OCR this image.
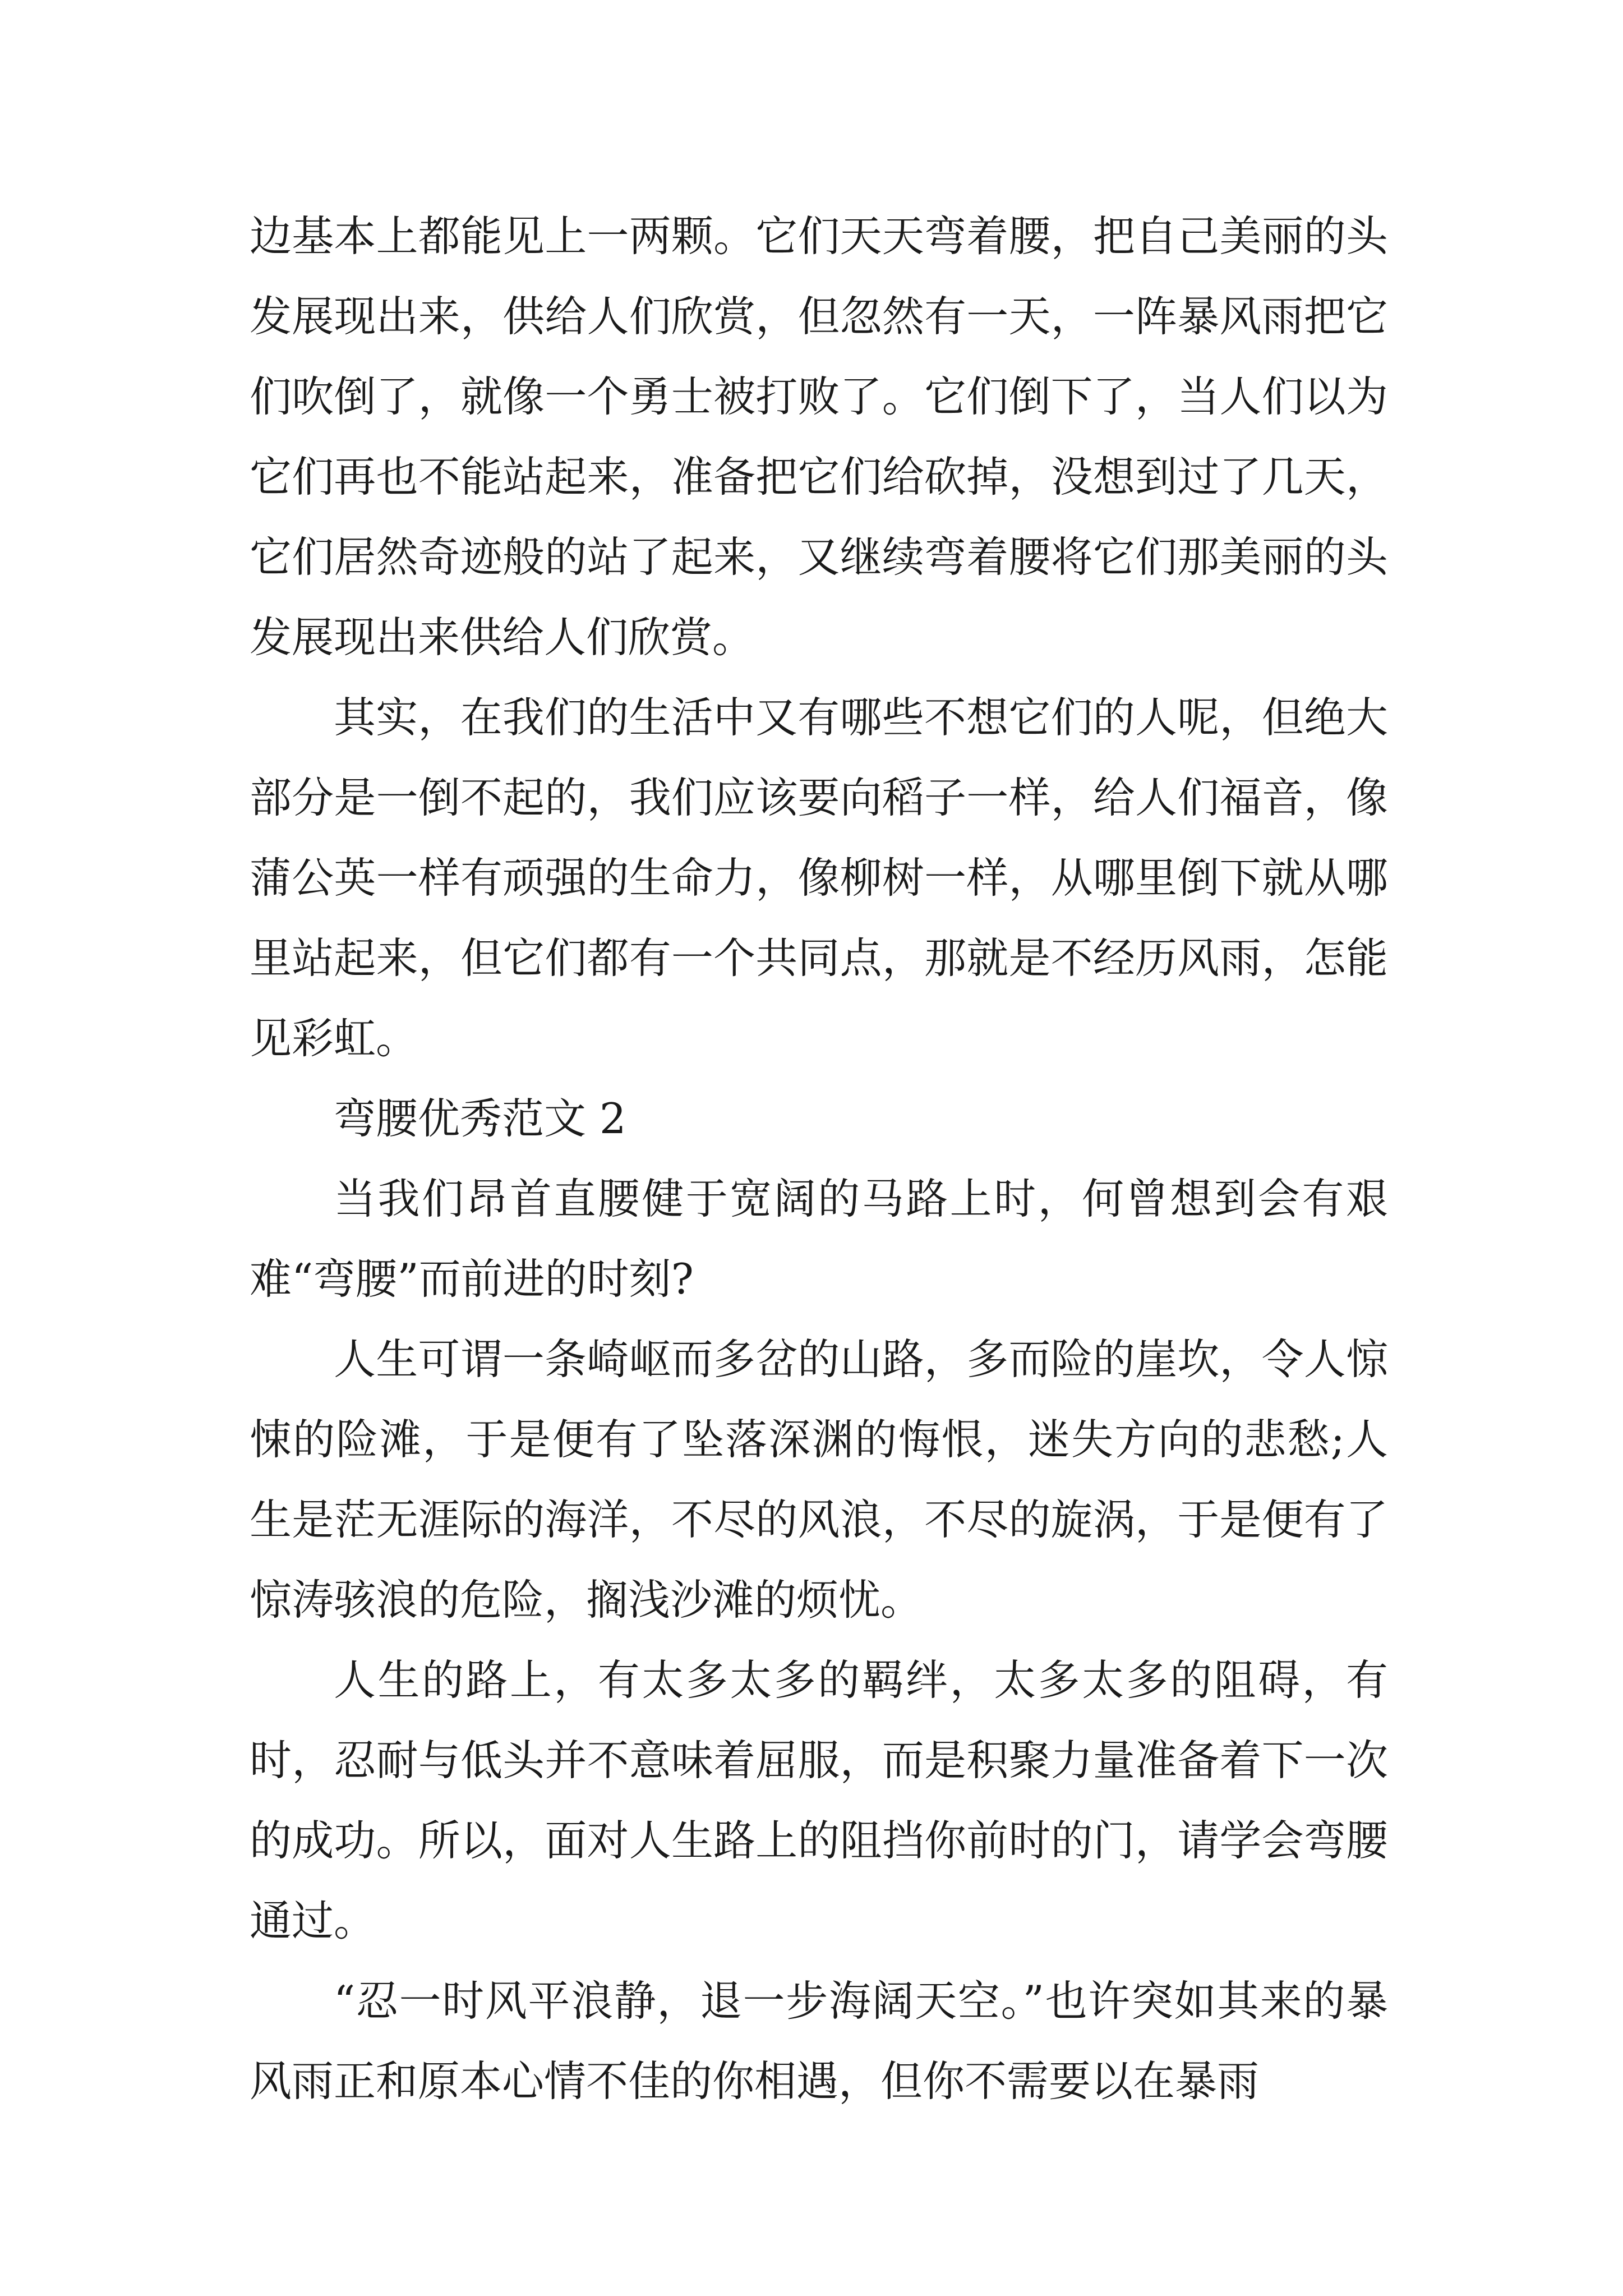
边基本上都能见上一两颗。它们天天弯着腰，把自己美丽的头发展现出来，供给人们欣赏，但忽然有一天，一阵暴风雨把它们吹倒了，就像一个勇士被打败了。它们倒下了，当人们以为它们再也不能站起来，准备把它们给砍掉，没想到过了几天，它们居然奇迹般的站了起来，又继续弯着腰将它们那美丽的头发展现出来供给人们欣赏。

其实，在我们的生活中又有哪些不想它们的人呢，但绝大部分是一倒不起的，我们应该要向稻子一样，给人们福音，像蒲公英一样有顽强的生命力，像柳树一样，从哪里倒下就从哪里站起来，但它们都有一个共同点，那就是不经历风雨，怎能见彩虹。

弯腰优秀范文 2

当我们昂首直腰健于宽阔的马路上时，何曾想到会有艰难“弯腰”而前进的时刻?

人生可谓一条崎岖而多岔的山路，多而险的崖坎，令人惊悚的险滩，于是便有了坠落深渊的悔恨，迷失方向的悲愁;人生是茫无涯际的海洋，不尽的风浪，不尽的旋涡，于是便有了惊涛骇浪的危险，搁浅沙滩的烦忧。

人生的路上，有太多太多的羁绊，太多太多的阻碍，有时，忍耐与低头并不意味着屈服，而是积聚力量准备着下一次的成功。所以，面对人生路上的阻挡你前时的门，请学会弯腰通过。

“忍一时风平浪静，退一步海阔天空。”也许突如其来的暴风雨正和原本心情不佳的你相遇，但你不需要以在暴雨
